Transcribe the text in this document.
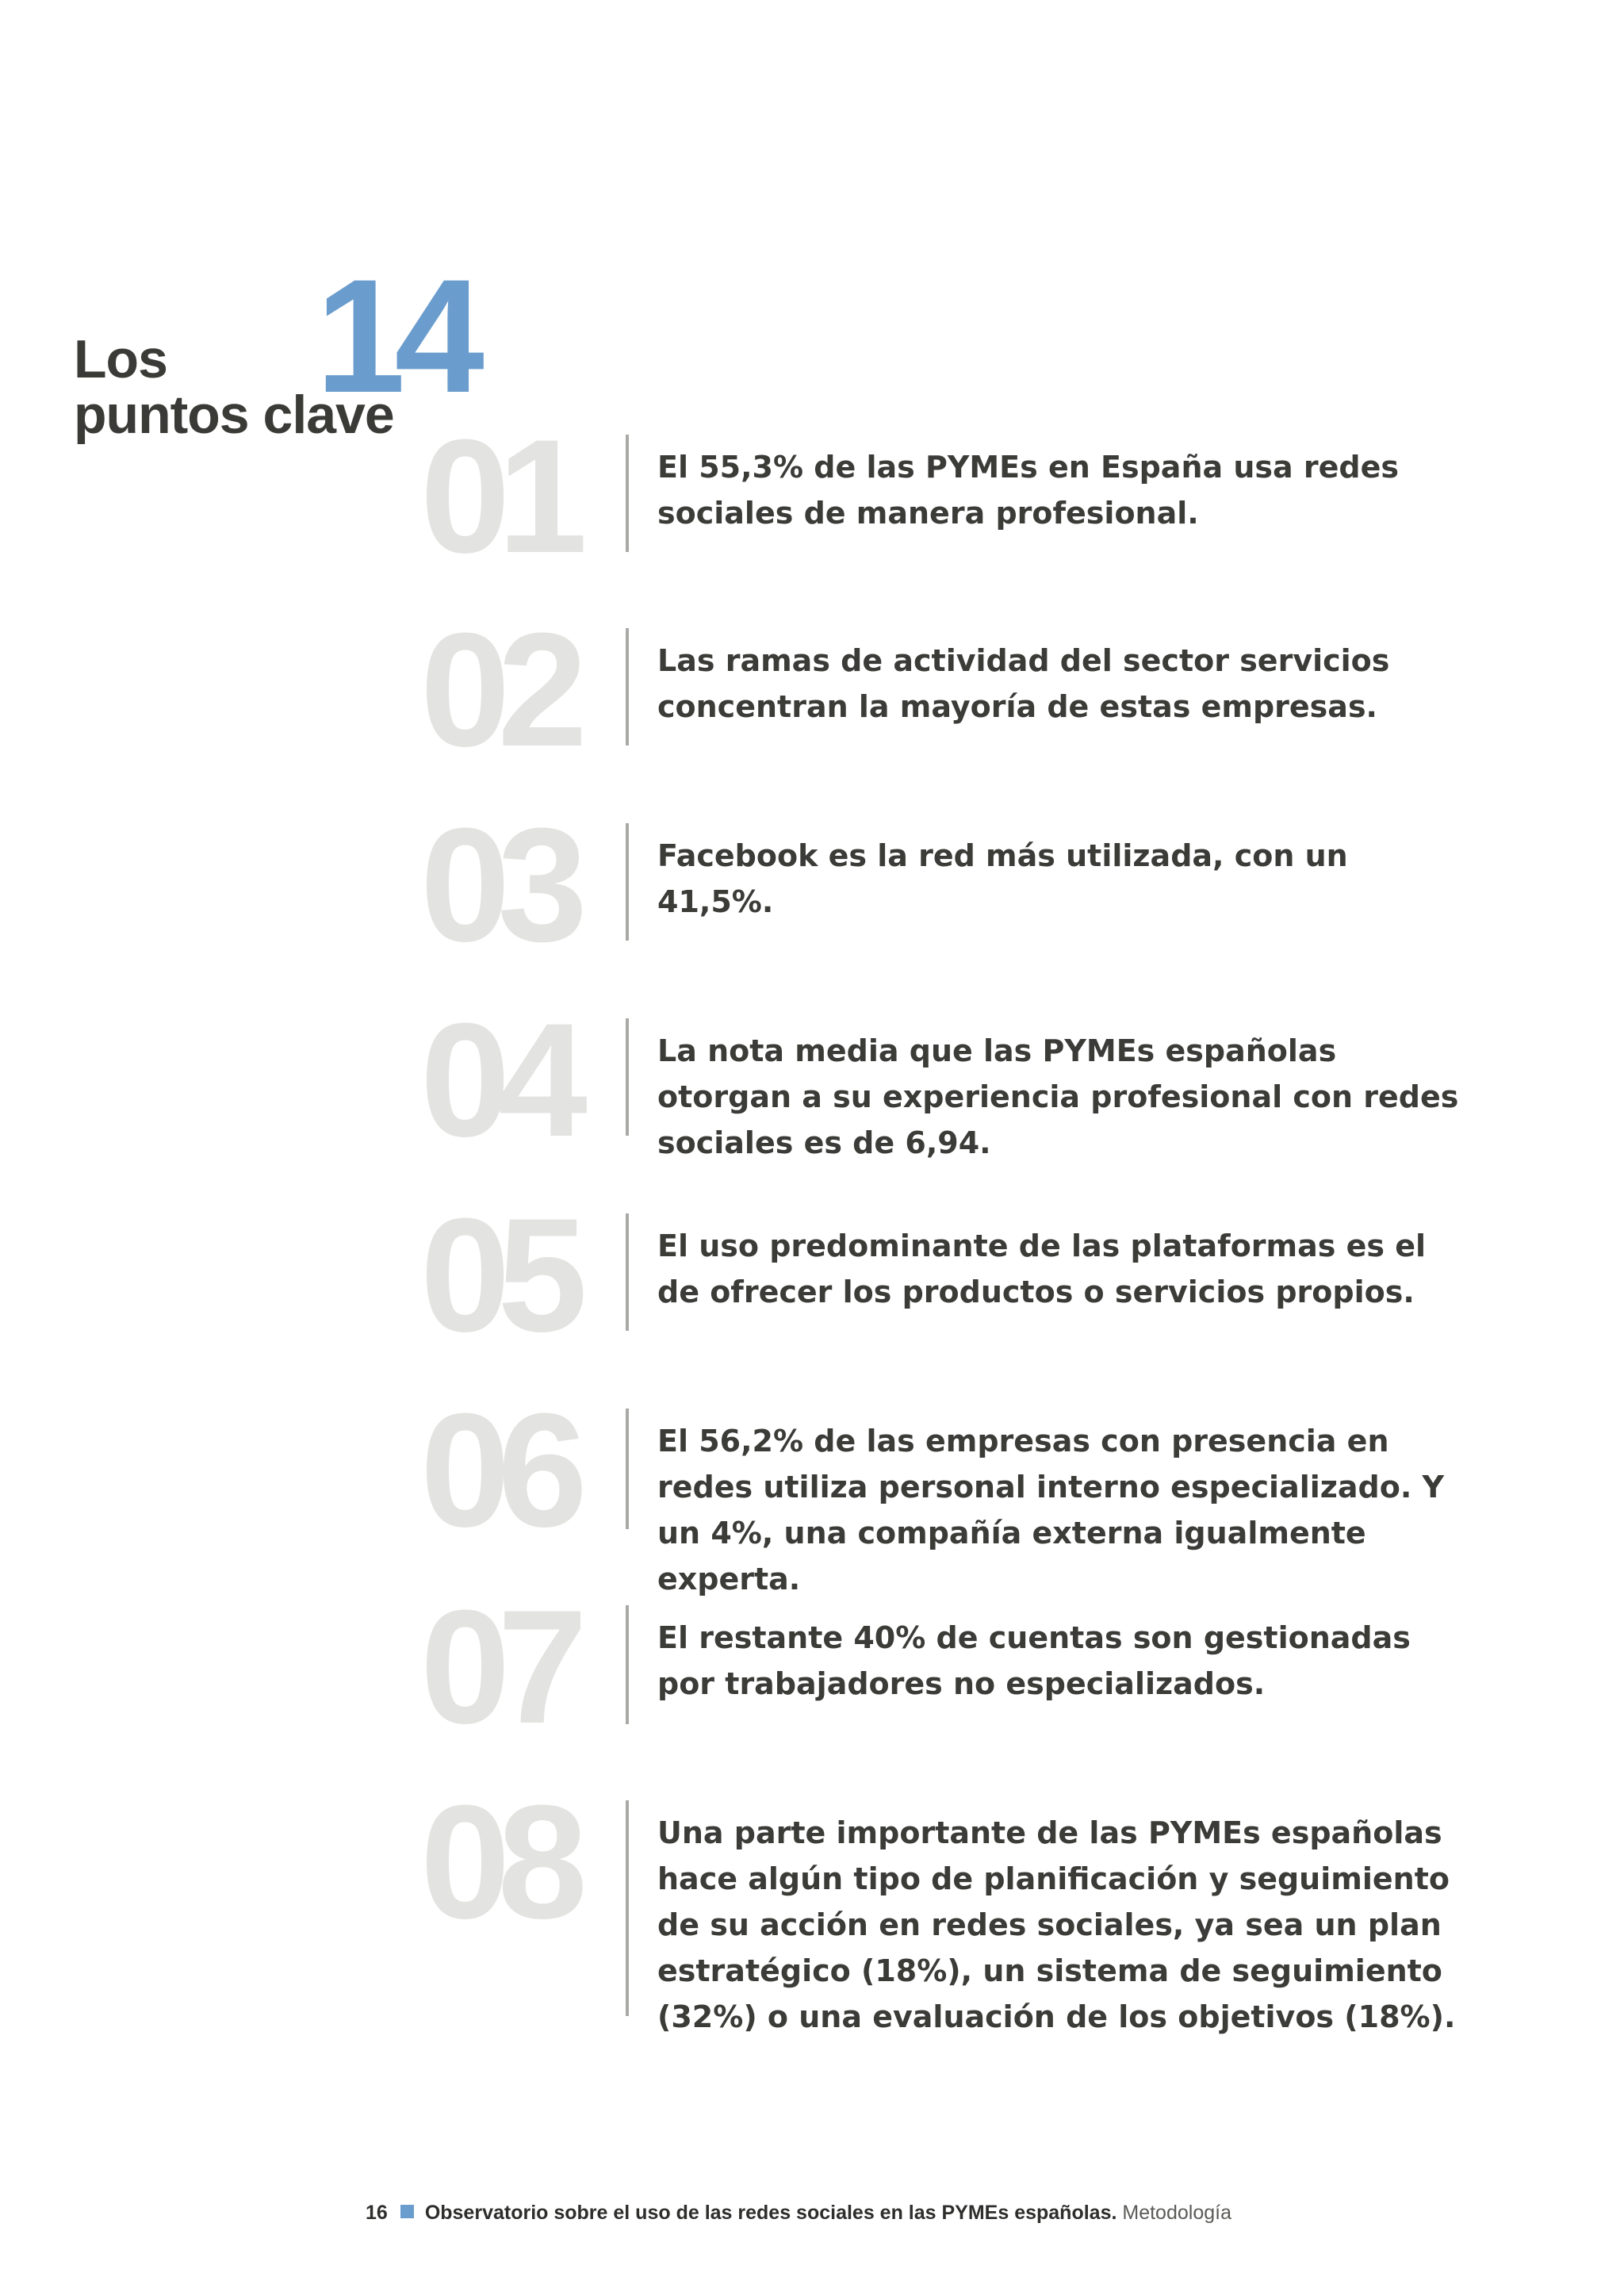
14
Los
puntos clave 01	El 55,3% de las PYMEs en España usa redes sociales de manera profesional.

02	Las ramas de actividad del sector servicios concentran la mayoría de estas empresas.

03	Facebook es la red más utilizada, con un 41,5%.

04	La nota media que las PYMEs españolas otorgan a su experiencia profesional con redes sociales es de 6,94.

05	El uso predominante de las plataformas es el de ofrecer los productos o servicios propios.

06	El 56,2% de las empresas con presencia en redes utiliza personal interno especializado. Y un 4%, una compañía externa igualmente experta.

07	El restante 40% de cuentas son gestionadas por trabajadores no especializados.

08	Una parte importante de las PYMEs españolas hace algún tipo de planificación y seguimiento de su acción en redes sociales, ya sea un plan estratégico (18%), un sistema de seguimiento (32%) o una evaluación de los objetivos (18%).

16 Observatorio sobre el uso de las redes sociales en las PYMEs españolas. Metodología
